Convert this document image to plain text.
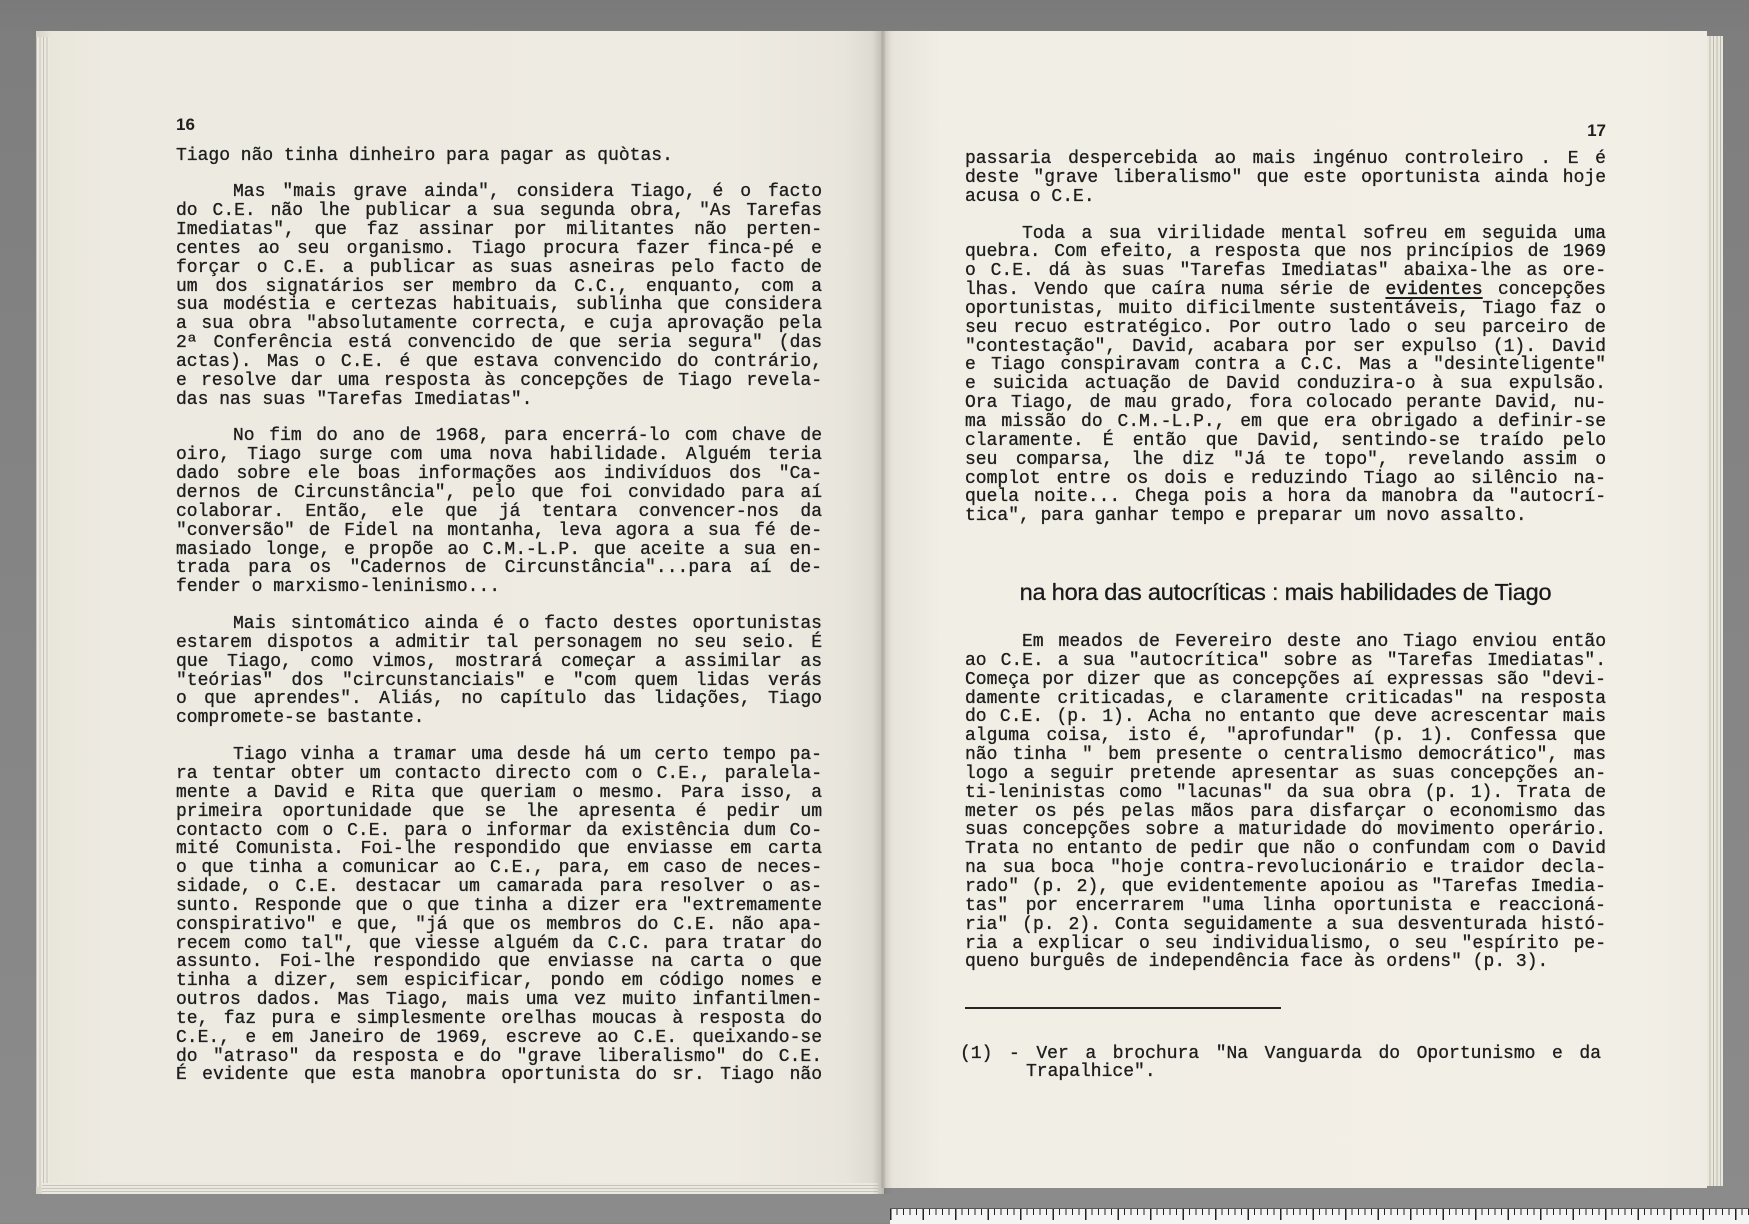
16
Tiago não tinha dinheiro para pagar as quòtas.
Mas "mais grave ainda", considera Tiago, é o facto
do C.E. não lhe publicar a sua segunda obra, "As Tarefas
Imediatas", que faz assinar por militantes não perten-
centes ao seu organismo. Tiago procura fazer finca-pé e
forçar o C.E. a publicar as suas asneiras pelo facto de
um dos signatários ser membro da C.C., enquanto, com a
sua modéstia e certezas habituais, sublinha que considera
a sua obra "absolutamente correcta, e cuja aprovação pela
2ª Conferência está convencido de que seria segura" (das
actas). Mas o C.E. é que estava convencido do contrário,
e resolve dar uma resposta às concepções de Tiago revela-
das nas suas "Tarefas Imediatas".
No fim do ano de 1968, para encerrá-lo com chave de
oiro, Tiago surge com uma nova habilidade. Alguém teria
dado sobre ele boas informações aos indivíduos dos "Ca-
dernos de Circunstância", pelo que foi convidado para aí
colaborar. Então, ele que já tentara convencer-nos da
"conversão" de Fidel na montanha, leva agora a sua fé de-
masiado longe, e propõe ao C.M.-L.P. que aceite a sua en-
trada para os "Cadernos de Circunstância"...para aí de-
fender o marxismo-leninismo...
Mais sintomático ainda é o facto destes oportunistas
estarem dispotos a admitir tal personagem no seu seio. É
que Tiago, como vimos, mostrará começar a assimilar as
"teórias" dos "circunstanciais" e "com quem lidas verás
o que aprendes". Aliás, no capítulo das lidações, Tiago
compromete-se bastante.
Tiago vinha a tramar uma desde há um certo tempo pa-
ra tentar obter um contacto directo com o C.E., paralela-
mente a David e Rita que queriam o mesmo. Para isso, a
primeira oportunidade que se lhe apresenta é pedir um
contacto com o C.E. para o informar da existência dum Co-
mité Comunista. Foi-lhe respondido que enviasse em carta
o que tinha a comunicar ao C.E., para, em caso de neces-
sidade, o C.E. destacar um camarada para resolver o as-
sunto. Responde que o que tinha a dizer era "extremamente
conspirativo" e que, "já que os membros do C.E. não apa-
recem como tal", que viesse alguém da C.C. para tratar do
assunto. Foi-lhe respondido que enviasse na carta o que
tinha a dizer, sem espicificar, pondo em código nomes e
outros dados. Mas Tiago, mais uma vez muito infantilmen-
te, faz pura e simplesmente orelhas moucas à resposta do
C.E., e em Janeiro de 1969, escreve ao C.E. queixando-se
do "atraso" da resposta e do "grave liberalismo" do C.E.
É evidente que esta manobra oportunista do sr. Tiago não
17
passaria despercebida ao mais ingénuo controleiro . E é
deste "grave liberalismo" que este oportunista ainda hoje
acusa o C.E.
Toda a sua virilidade mental sofreu em seguida uma
quebra. Com efeito, a resposta que nos princípios de 1969
o C.E. dá às suas "Tarefas Imediatas" abaixa-lhe as ore-
lhas. Vendo que caíra numa série de evidentes concepções
oportunistas, muito dificilmente sustentáveis, Tiago faz o
seu recuo estratégico. Por outro lado o seu parceiro de
"contestação", David, acabara por ser expulso (1). David
e Tiago conspiravam contra a C.C. Mas a "desinteligente"
e suicida actuação de David conduzira-o à sua expulsão.
Ora Tiago, de mau grado, fora colocado perante David, nu-
ma missão do C.M.-L.P., em que era obrigado a definir-se
claramente. É então que David, sentindo-se traído pelo
seu comparsa, lhe diz "Já te topo", revelando assim o
complot entre os dois e reduzindo Tiago ao silêncio na-
quela noite... Chega pois a hora da manobra da "autocrí-
tica", para ganhar tempo e preparar um novo assalto.
na hora das autocríticas : mais habilidades de Tiago
Em meados de Fevereiro deste ano Tiago enviou então
ao C.E. a sua "autocrítica" sobre as "Tarefas Imediatas".
Começa por dizer que as concepções aí expressas são "devi-
damente criticadas, e claramente criticadas" na resposta
do C.E. (p. 1). Acha no entanto que deve acrescentar mais
alguma coisa, isto é, "aprofundar" (p. 1). Confessa que
não tinha " bem presente o centralismo democrático", mas
logo a seguir pretende apresentar as suas concepções an-
ti-leninistas como "lacunas" da sua obra (p. 1). Trata de
meter os pés pelas mãos para disfarçar o economismo das
suas concepções sobre a maturidade do movimento operário.
Trata no entanto de pedir que não o confundam com o David
na sua boca "hoje contra-revolucionário e traidor decla-
rado" (p. 2), que evidentemente apoiou as "Tarefas Imedia-
tas" por encerrarem "uma linha oportunista e reaccioná-
ria" (p. 2). Conta seguidamente a sua desventurada histó-
ria a explicar o seu individualismo, o seu "espírito pe-
queno burguês de independência face às ordens" (p. 3).
(1) - Ver a brochura "Na Vanguarda do Oportunismo e da
Trapalhice".
